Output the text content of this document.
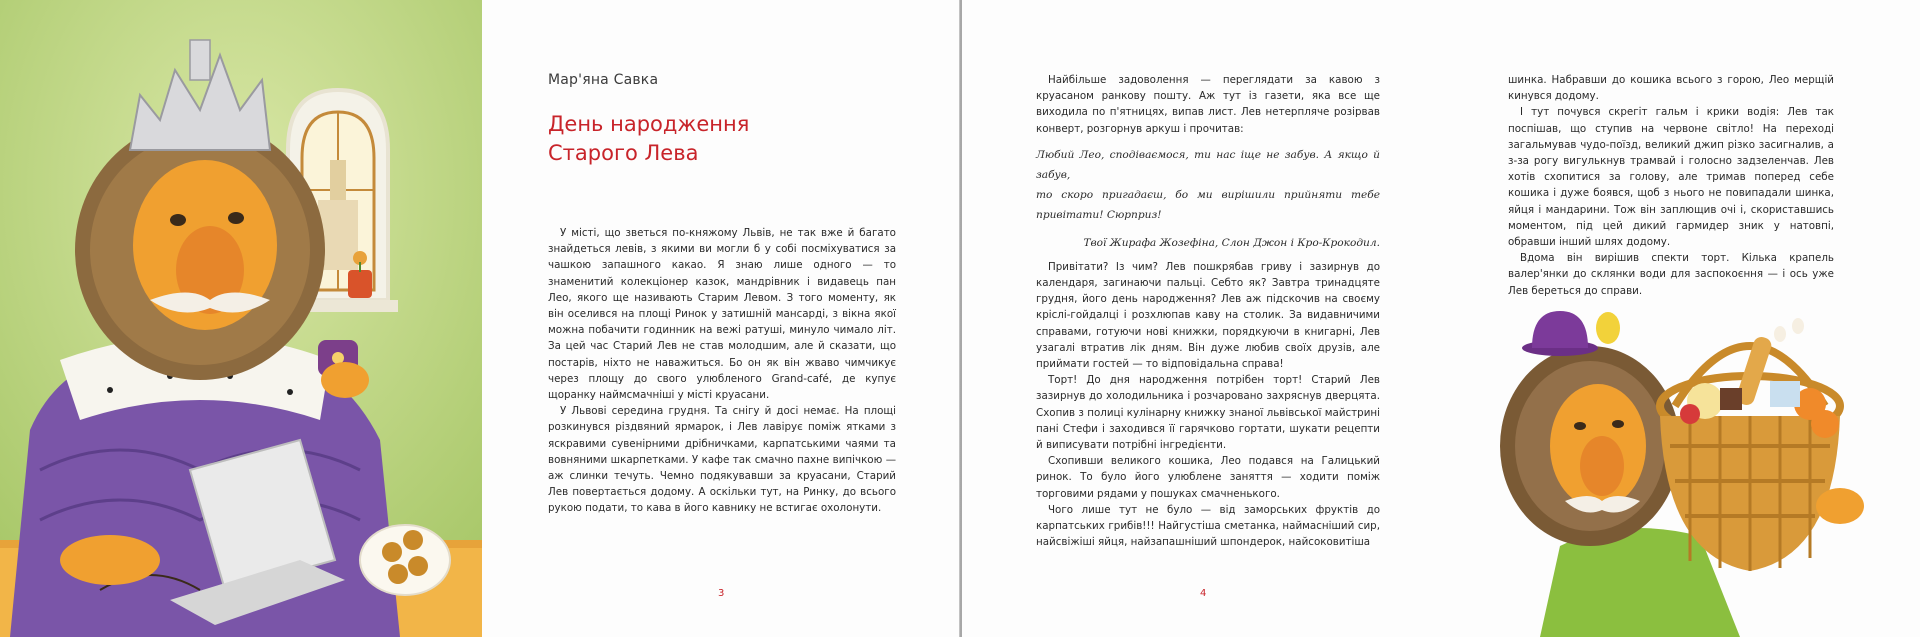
Мар'яна Савка
День народження
Старого Лева

У місті, що зветься по-княжому Львів, не так вже й багато знайдеться левів, з якими ви могли б у собі посміхуватися за чашкою запашного какао. Я знаю лише одного — то знаменитий колекціонер казок, мандрівник і видавець пан Лео, якого ще називають Старим Левом. З того моменту, як він оселився на площі Ринок у затишній мансарді, з вікна якої можна побачити годинник на вежі ратуші, минуло чимало літ. За цей час Старий Лев не став молодшим, але й сказати, що постарів, ніхто не наважиться. Бо он як він жваво чимчикує через площу до свого улюбленого Grand-café, де купує щоранку наймсмачніші у місті круасани.

У Львові середина грудня. Та снігу й досі немає. На площі розкинувся різдвяний ярмарок, і Лев лавірує поміж ятками з яскравими сувенірними дрібничками, карпатськими чаями та вовняними шкарпетками. У кафе так смачно пахне випічкою — аж слинки течуть. Чемно подякувавши за круасани, Старий Лев повертається додому. А оскільки тут, на Ринку, до всього рукою подати, то кава в його кавнику не встигає охолонути.

3

Найбільше задоволення — переглядати за кавою з круасаном ранкову пошту. Аж тут із газети, яка все ще виходила по п'ятницях, випав лист. Лев нетерпляче розірвав конверт, розгорнув аркуш і прочитав:

Любий Лео, сподіваємося, ти нас іще не забув. А якщо й забув,
то скоро пригадаєш, бо ми вирішили прийняти тебе привітати! Сюрприз!
Твої Жирафа Жозефіна, Слон Джон і Кро-Крокодил.

Привітати? Із чим? Лев пошкрябав гриву і зазирнув до календаря, загинаючи пальці. Себто як? Завтра тринадцяте грудня, його день народження? Лев аж підскочив на своєму кріслі-гойдалці і розхлюпав каву на столик. За видавничими справами, готуючи нові книжки, порядкуючи в книгарні, Лев узагалі втратив лік дням. Він дуже любив своїх друзів, але приймати гостей — то відповідальна справа!

Торт! До дня народження потрібен торт! Старий Лев зазирнув до холодильника і розчаровано захряснув дверцята. Схопив з полиці кулінарну книжку знаної львівської майстрині пані Стефи і заходився її гарячково гортати, шукати рецепти й виписувати потрібні інгредієнти.

Схопивши великого кошика, Лео подався на Галицький ринок. То було його улюблене заняття — ходити поміж торговими рядами у пошуках смачненького.

Чого лише тут не було — від заморських фруктів до карпатських грибів!!! Найгустіша сметанка, наймасніший сир, найсвіжіші яйця, найзапашніший шпондерок, найсоковитіша

4

шинка. Набравши до кошика всього з горою, Лео мерщій кинувся додому.

І тут почувся скрегіт гальм і крики водія: Лев так поспішав, що ступив на червоне світло! На переході загальмував чудо-поїзд, великий джип різко засигналив, а з-за рогу вигулькнув трамвай і голосно задзеленчав. Лев хотів схопитися за голову, але тримав поперед себе кошика і дуже боявся, щоб з нього не повипадали шинка, яйця і мандарини. Тож він заплющив очі і, скориставшись моментом, під цей дикий гармидер зник у натовпі, обравши інший шлях додому.

Вдома він вирішив спекти торт. Кілька крапель валер'янки до склянки води для заспокоєння — і ось уже Лев береться до справи.
